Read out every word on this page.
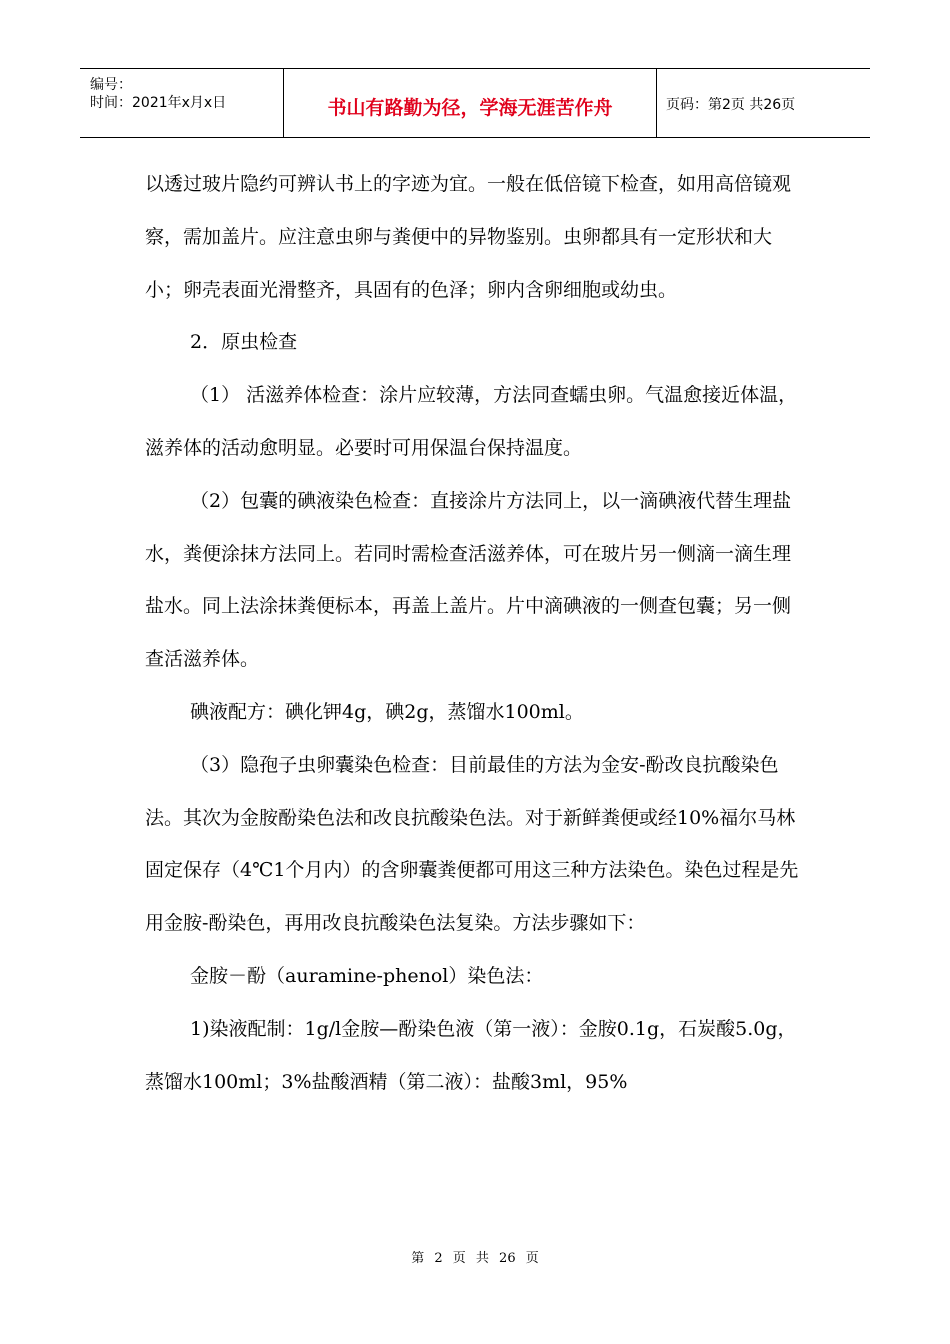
编号：
时间：2021年x月x日	书山有路勤为径，学海无涯苦作舟	页码：第2页 共26页

以透过玻片隐约可辨认书上的字迹为宜。一般在低倍镜下检查，如用高倍镜观察，需加盖片。应注意虫卵与粪便中的异物鉴别。虫卵都具有一定形状和大小；卵壳表面光滑整齐，具固有的色泽；卵内含卵细胞或幼虫。

2．原虫检查

（1） 活滋养体检查：涂片应较薄，方法同查蠕虫卵。气温愈接近体温，滋养体的活动愈明显。必要时可用保温台保持温度。

（2）包囊的碘液染色检查：直接涂片方法同上，以一滴碘液代替生理盐水，粪便涂抹方法同上。若同时需检查活滋养体，可在玻片另一侧滴一滴生理盐水。同上法涂抹粪便标本，再盖上盖片。片中滴碘液的一侧查包囊；另一侧查活滋养体。

碘液配方：碘化钾4g，碘2g，蒸馏水100ml。

（3）隐孢子虫卵囊染色检查：目前最佳的方法为金安-酚改良抗酸染色法。其次为金胺酚染色法和改良抗酸染色法。对于新鲜粪便或经10%福尔马林固定保存（4℃1个月内）的含卵囊粪便都可用这三种方法染色。染色过程是先用金胺-酚染色，再用改良抗酸染色法复染。方法步骤如下：

金胺－酚（auramine-phenol）染色法：

1)染液配制：1g/l金胺—酚染色液（第一液）：金胺0.1g，石炭酸5.0g，蒸馏水100ml；3%盐酸酒精（第二液）：盐酸3ml，95%

第 2 页 共 26 页
